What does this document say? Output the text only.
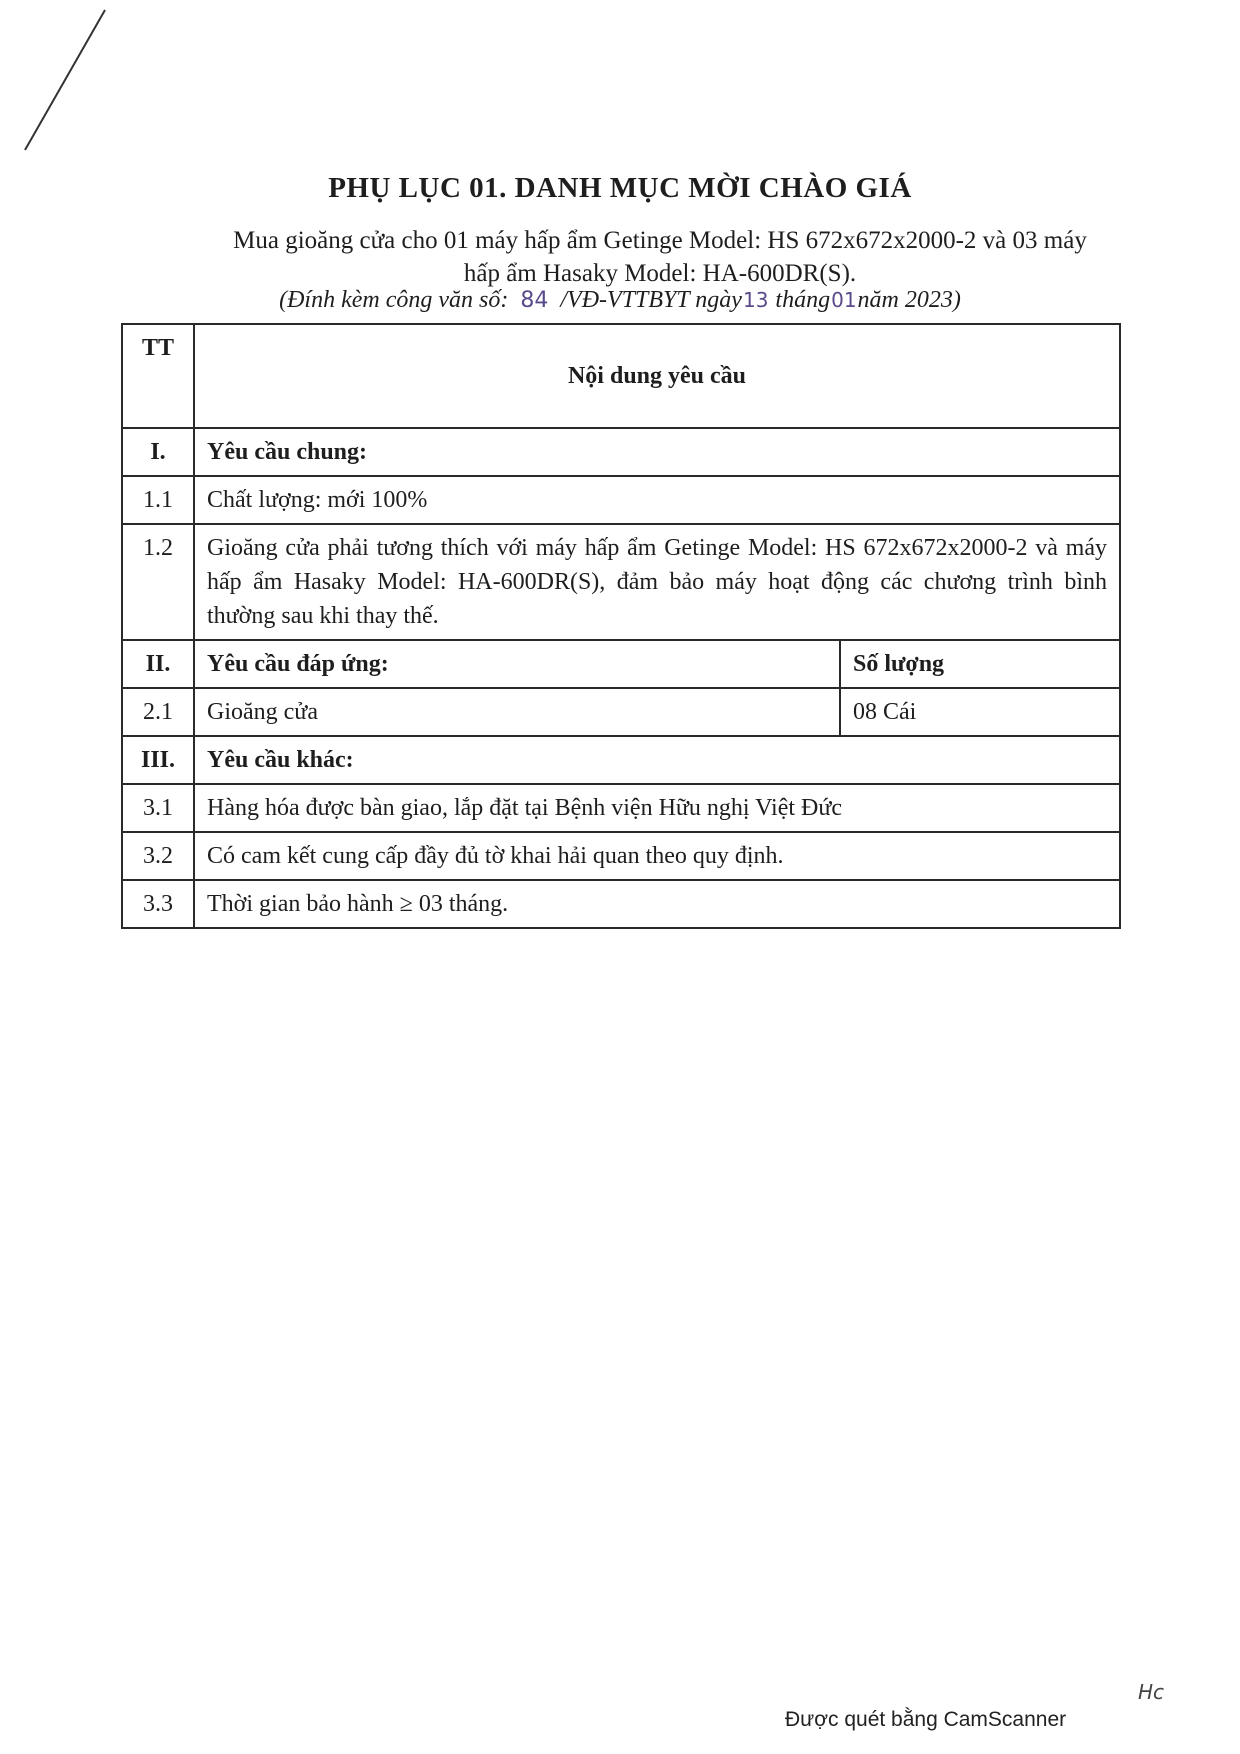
PHỤ LỤC 01. DANH MỤC MỜI CHÀO GIÁ
Mua gioăng cửa cho 01 máy hấp ẩm Getinge Model: HS 672x672x2000-2 và 03 máy
hấp ẩm Hasaky Model: HA-600DR(S).
(Đính kèm công văn số: 84 /VĐ-VTTBYT ngày13 tháng01năm 2023)
TT	Nội dung yêu cầu	
I.	Yêu cầu chung:	
1.1	Chất lượng: mới 100%	
1.2	Gioăng cửa phải tương thích với máy hấp ẩm Getinge Model: HS 672x672x2000-2 và máy hấp ẩm Hasaky Model: HA-600DR(S), đảm bảo máy hoạt động các chương trình bình thường sau khi thay thế.	
II.	Yêu cầu đáp ứng:	Số lượng
2.1	Gioăng cửa	08 Cái
III.	Yêu cầu khác:	
3.1	Hàng hóa được bàn giao, lắp đặt tại Bệnh viện Hữu nghị Việt Đức	
3.2	Có cam kết cung cấp đầy đủ tờ khai hải quan theo quy định.	
3.3	Thời gian bảo hành ≥ 03 tháng.	
Hc
Được quét bằng CamScanner
